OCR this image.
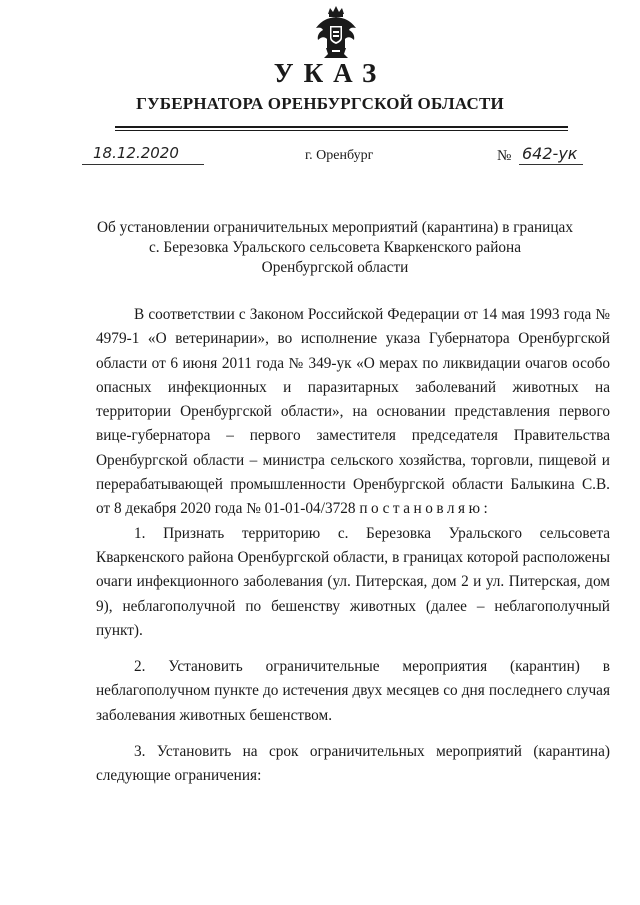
УКАЗ
ГУБЕРНАТОРА ОРЕНБУРГСКОЙ ОБЛАСТИ
18.12.2020	г. Оренбург	№ 642-ук
Об установлении ограничительных мероприятий (карантина) в границах
с. Березовка Уральского сельсовета Кваркенского района
Оренбургской области

В соответствии с Законом Российской Федерации от 14 мая 1993 года № 4979-1 «О ветеринарии», во исполнение указа Губернатора Оренбургской области от 6 июня 2011 года № 349-ук «О мерах по ликвидации очагов особо опасных инфекционных и паразитарных заболеваний животных на территории Оренбургской области», на основании представления первого вице-губернатора – первого заместителя председателя Правительства Оренбургской области – министра сельского хозяйства, торговли, пищевой и перерабатывающей промышленности Оренбургской области Балыкина С.В. от 8 декабря 2020 года № 01-01-04/3728 постановляю:

1. Признать территорию с. Березовка Уральского сельсовета Кваркенского района Оренбургской области, в границах которой расположены очаги инфекционного заболевания (ул. Питерская, дом 2 и ул. Питерская, дом 9), неблагополучной по бешенству животных (далее – неблагополучный пункт).

2. Установить ограничительные мероприятия (карантин) в неблагополучном пункте до истечения двух месяцев со дня последнего случая заболевания животных бешенством.

3. Установить на срок ограничительных мероприятий (карантина) следующие ограничения:
